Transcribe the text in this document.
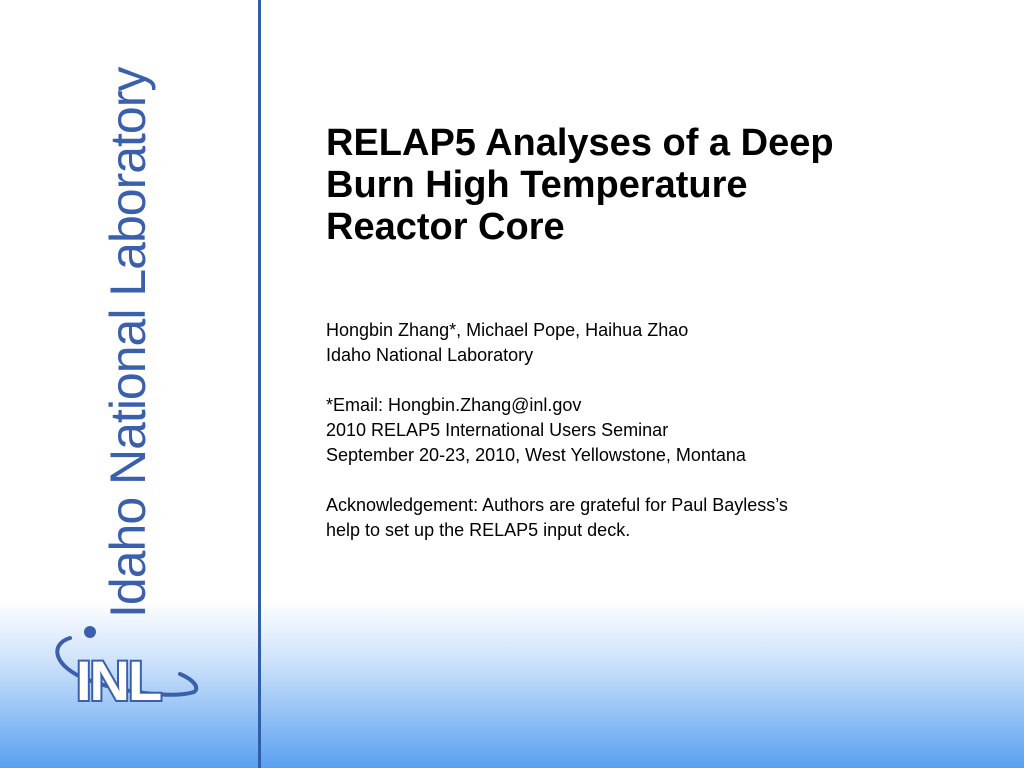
Idaho National Laboratory
INL
RELAP5 Analyses of a Deep
Burn High Temperature
Reactor Core
Hongbin Zhang*, Michael Pope, Haihua Zhao
Idaho National Laboratory
*Email: Hongbin.Zhang@inl.gov
2010 RELAP5 International Users Seminar
September 20-23, 2010, West Yellowstone, Montana
Acknowledgement: Authors are grateful for Paul Bayless’s
help to set up the RELAP5 input deck.
